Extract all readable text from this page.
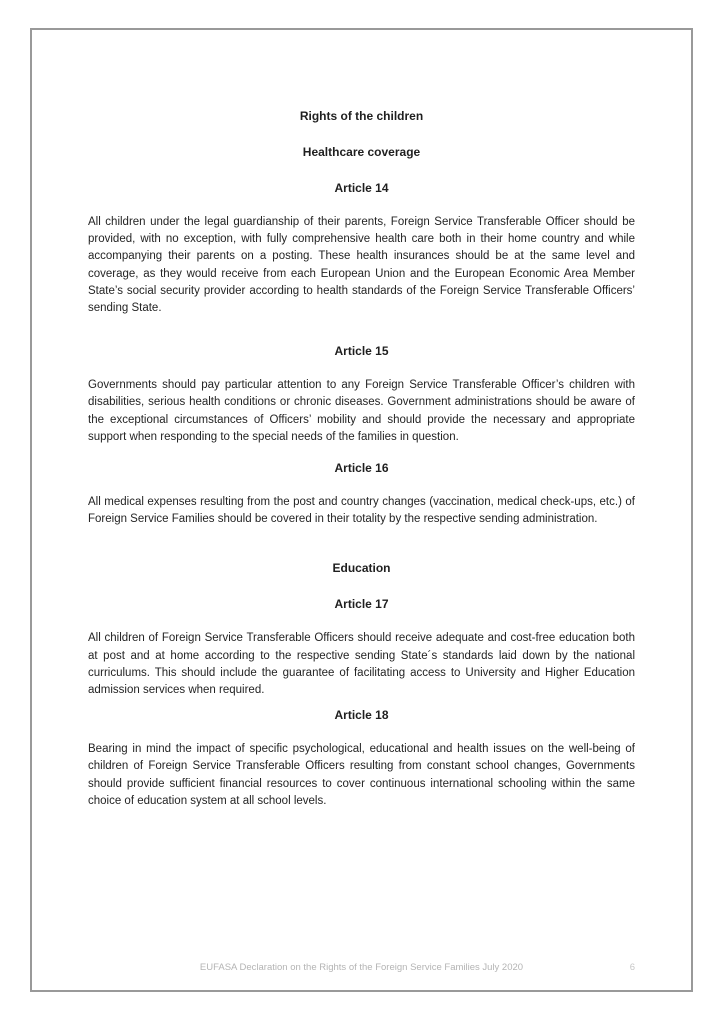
Rights of the children
Healthcare coverage
Article 14

All children under the legal guardianship of their parents, Foreign Service Transferable Officer should be provided, with no exception, with fully comprehensive health care both in their home country and while accompanying their parents on a posting. These health insurances should be at the same level and coverage, as they would receive from each European Union and the European Economic Area Member State’s social security provider according to health standards of the Foreign Service Transferable Officers’ sending State.

Article 15

Governments should pay particular attention to any Foreign Service Transferable Officer’s children with disabilities, serious health conditions or chronic diseases. Government administrations should be aware of the exceptional circumstances of Officers’ mobility and should provide the necessary and appropriate support when responding to the special needs of the families in question.

Article 16

All medical expenses resulting from the post and country changes (vaccination, medical check-ups, etc.) of Foreign Service Families should be covered in their totality by the respective sending administration.

Education
Article 17

All children of Foreign Service Transferable Officers should receive adequate and cost-free education both at post and at home according to the respective sending State´s standards laid down by the national curriculums. This should include the guarantee of facilitating access to University and Higher Education admission services when required.

Article 18

Bearing in mind the impact of specific psychological, educational and health issues on the well-being of children of Foreign Service Transferable Officers resulting from constant school changes, Governments should provide sufficient financial resources to cover continuous international schooling within the same choice of education system at all school levels.

EUFASA Declaration on the Rights of the Foreign Service Families July 2020	6
